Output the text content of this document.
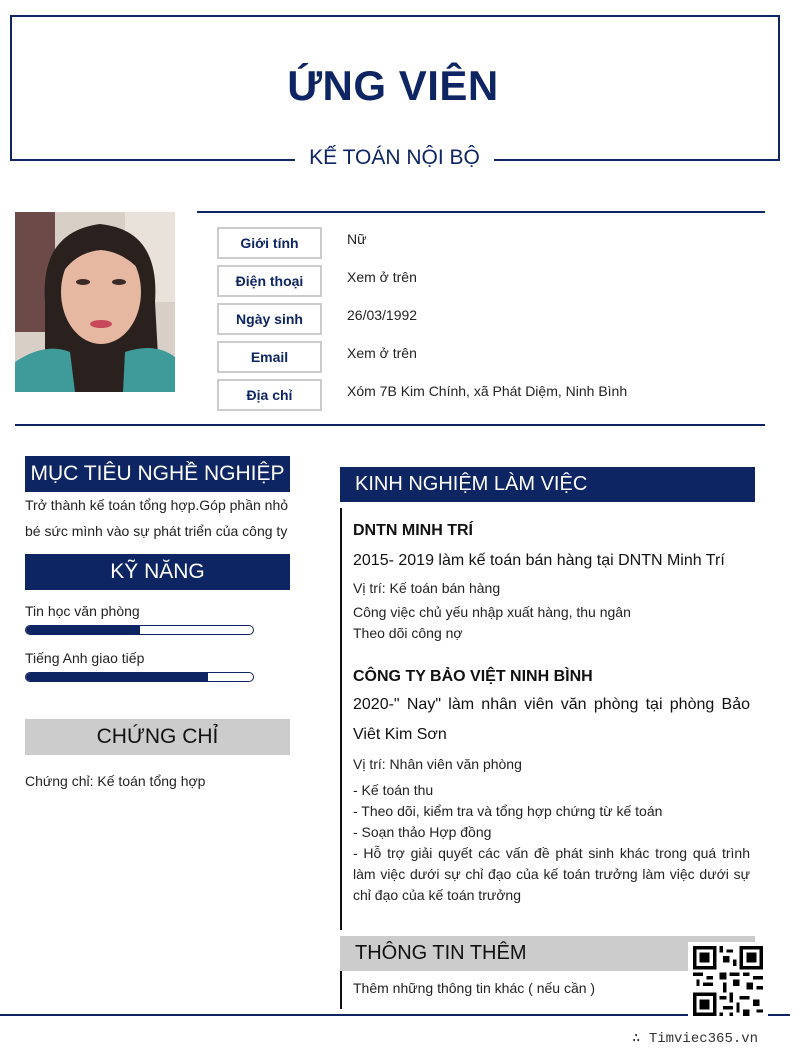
ỨNG VIÊN
KẾ TOÁN NỘI BỘ
Giới tính	Nữ
Điện thoại	Xem ở trên
Ngày sinh	26/03/1992
Email	Xem ở trên
Địa chỉ	Xóm 7B Kim Chính, xã Phát Diệm, Ninh Bình
MỤC TIÊU NGHỀ NGHIỆP
Trở thành kế toán tổng hợp.Góp phần nhỏ bé sức mình vào sự phát triển của công ty
KỸ NĂNG
Tin học văn phòng
Tiếng Anh giao tiếp
CHỨNG CHỈ
Chứng chỉ: Kế toán tổng hợp
KINH NGHIỆM LÀM VIỆC
DNTN MINH TRÍ
2015- 2019 làm kế toán bán hàng tại DNTN Minh Trí
Vị trí: Kế toán bán hàng
Công việc chủ yếu nhập xuất hàng, thu ngân
Theo dõi công nợ
CÔNG TY BẢO VIỆT NINH BÌNH
2020-" Nay" làm nhân viên văn phòng tại phòng Bảo Viêt Kim Sơn
Vị trí: Nhân viên văn phòng
- Kế toán thu
- Theo dõi, kiểm tra và tổng hợp chứng từ kế toán
- Soạn thảo Hợp đồng
- Hỗ trợ giải quyết các vấn đề phát sinh khác trong quá trình làm việc dưới sự chỉ đạo của kế toán trưởng làm việc dưới sự chỉ đạo của kế toán trưởng
THÔNG TIN THÊM
Thêm những thông tin khác ( nếu cần )
∴ Timviec365.vn
